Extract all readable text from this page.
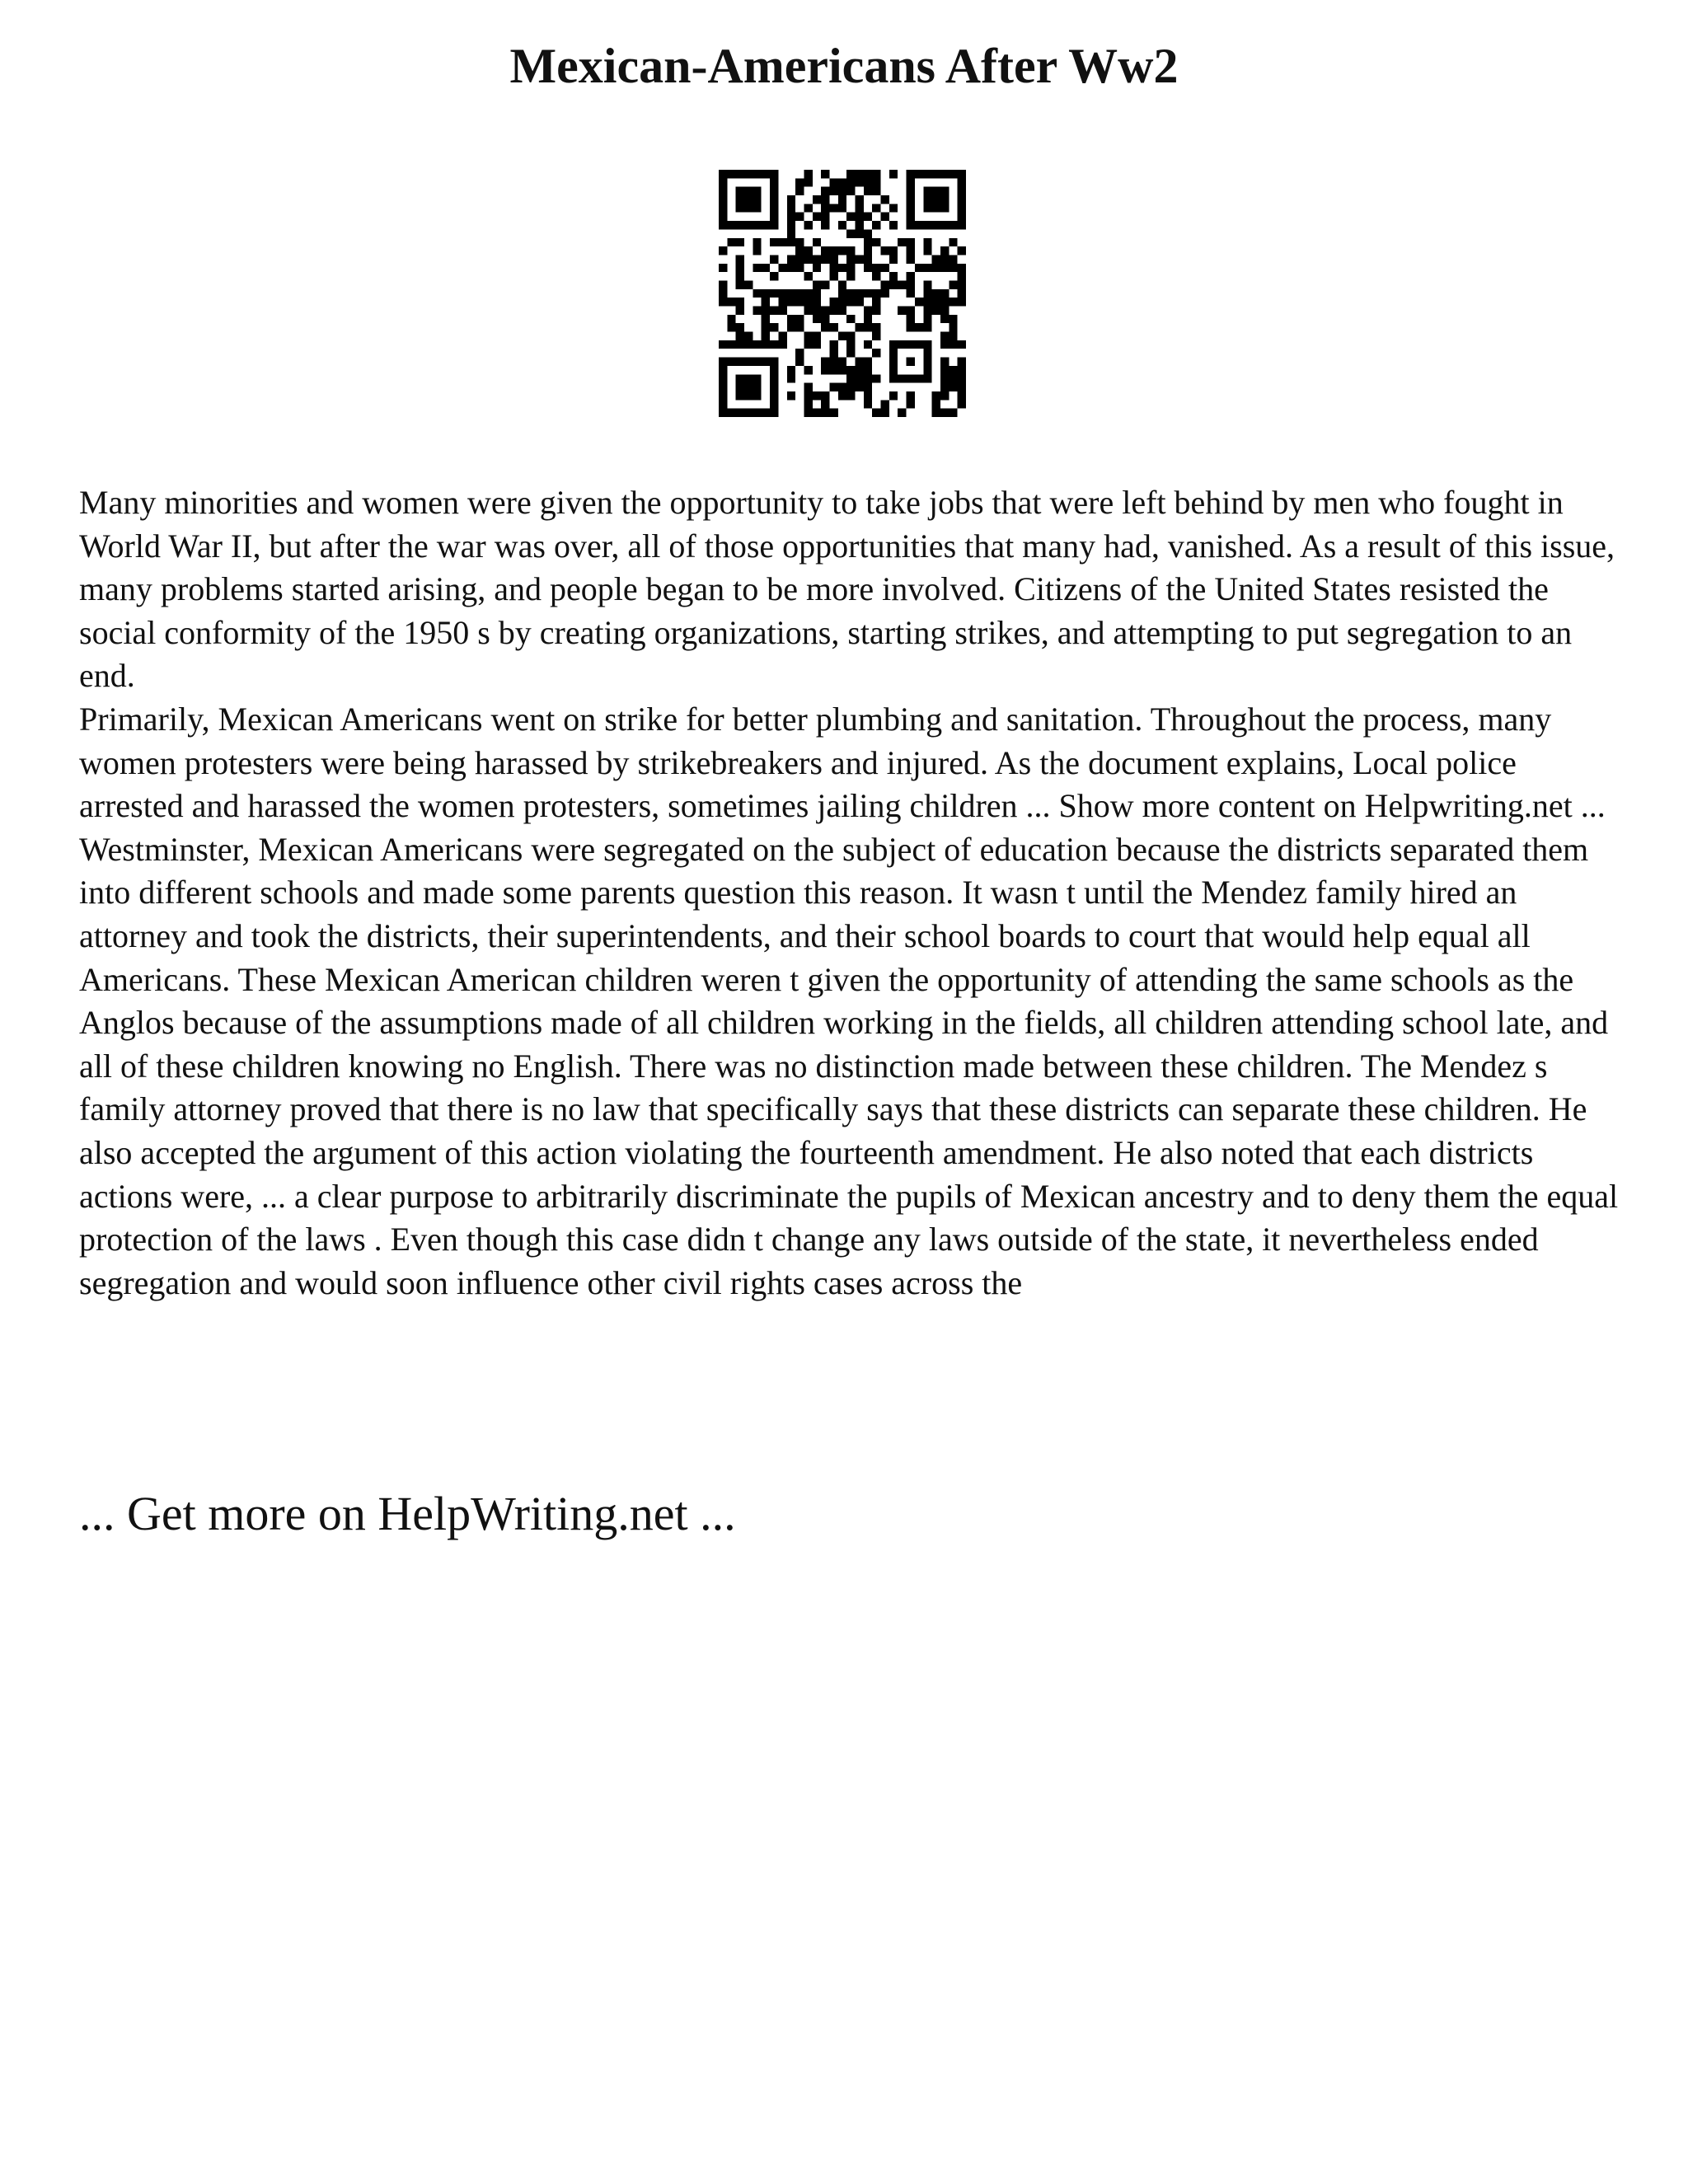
Mexican-Americans After Ww2

Many minorities and women were given the opportunity to take jobs that were left behind by men who fought in World War II, but after the war was over, all of those opportunities that many had, vanished. As a result of this issue, many problems started arising, and people began to be more involved. Citizens of the United States resisted the social conformity of the 1950 s by creating organizations, starting strikes, and attempting to put segregation to an end.

Primarily, Mexican Americans went on strike for better plumbing and sanitation. Throughout the process, many women protesters were being harassed by strikebreakers and injured. As the document explains, Local police arrested and harassed the women protesters, sometimes jailing children ... Show more content on Helpwriting.net ...

Westminster, Mexican Americans were segregated on the subject of education because the districts separated them into different schools and made some parents question this reason. It wasn t until the Mendez family hired an attorney and took the districts, their superintendents, and their school boards to court that would help equal all Americans. These Mexican American children weren t given the opportunity of attending the same schools as the Anglos because of the assumptions made of all children working in the fields, all children attending school late, and all of these children knowing no English. There was no distinction made between these children. The Mendez s family attorney proved that there is no law that specifically says that these districts can separate these children. He also accepted the argument of this action violating the fourteenth amendment. He also noted that each districts actions were, ... a clear purpose to arbitrarily discriminate the pupils of Mexican ancestry and to deny them the equal protection of the laws . Even though this case didn t change any laws outside of the state, it nevertheless ended segregation and would soon influence other civil rights cases across the

... Get more on HelpWriting.net ...
